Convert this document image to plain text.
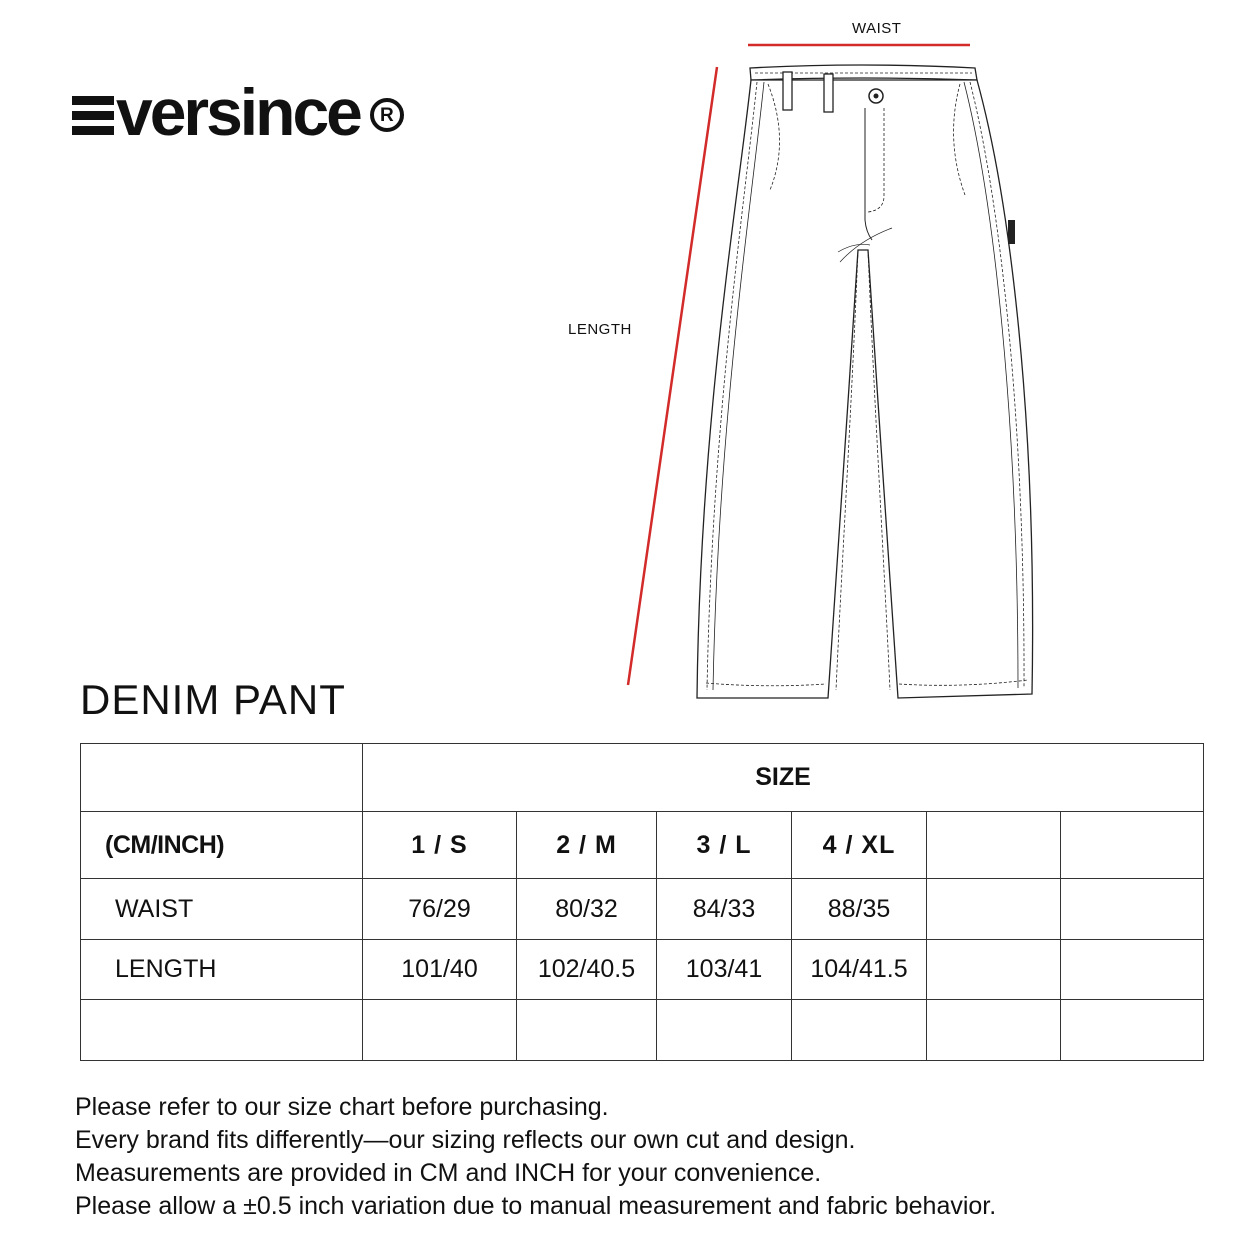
versince R
WAIST
LENGTH
DENIM PANT
	SIZE					
(CM/INCH)	1 / S	2 / M	3 / L	4 / XL		
WAIST	76/29	80/32	84/33	88/35		
LENGTH	101/40	102/40.5	103/41	104/41.5		

Please refer to our size chart before purchasing.
Every brand fits differently—our sizing reflects our own cut and design.
Measurements are provided in CM and INCH for your convenience.
Please allow a ±0.5 inch variation due to manual measurement and fabric behavior.
